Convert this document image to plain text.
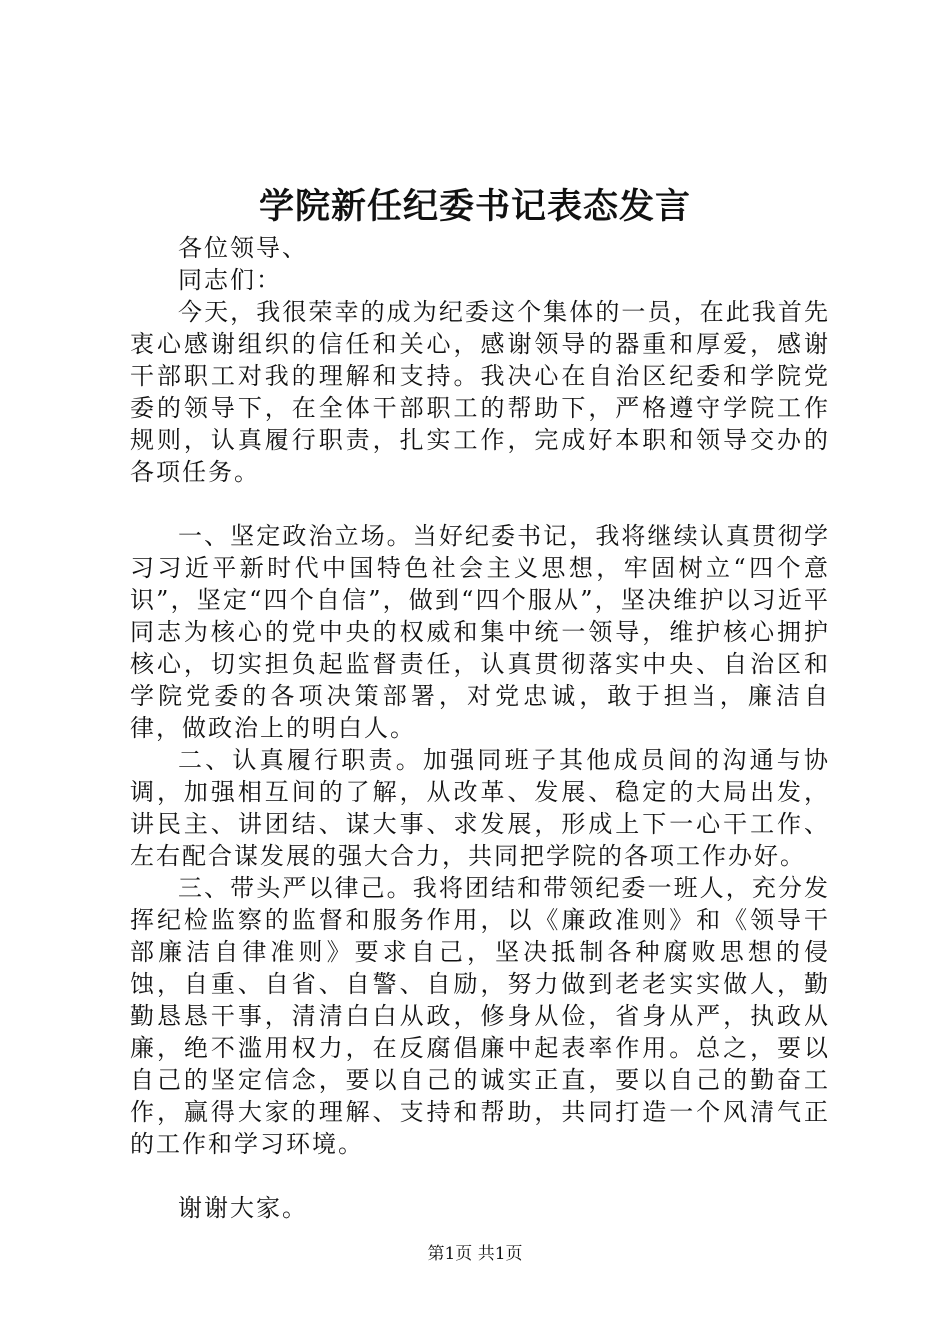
学院新任纪委书记表态发言

各位领导、

同志们：

今天，我很荣幸的成为纪委这个集体的一员，在此我首先衷心感谢组织的信任和关心，感谢领导的器重和厚爱，感谢干部职工对我的理解和支持。我决心在自治区纪委和学院党委的领导下，在全体干部职工的帮助下，严格遵守学院工作规则，认真履行职责，扎实工作，完成好本职和领导交办的各项任务。

一、坚定政治立场。当好纪委书记，我将继续认真贯彻学习习近平新时代中国特色社会主义思想，牢固树立“四个意识”，坚定“四个自信”，做到“四个服从”，坚决维护以习近平同志为核心的党中央的权威和集中统一领导，维护核心拥护核心，切实担负起监督责任，认真贯彻落实中央、自治区和学院党委的各项决策部署，对党忠诚，敢于担当，廉洁自律，做政治上的明白人。

二、认真履行职责。加强同班子其他成员间的沟通与协调，加强相互间的了解，从改革、发展、稳定的大局出发，讲民主、讲团结、谋大事、求发展，形成上下一心干工作、左右配合谋发展的强大合力，共同把学院的各项工作办好。

三、带头严以律己。我将团结和带领纪委一班人，充分发挥纪检监察的监督和服务作用，以《廉政准则》和《领导干部廉洁自律准则》要求自己，坚决抵制各种腐败思想的侵蚀，自重、自省、自警、自励，努力做到老老实实做人，勤勤恳恳干事，清清白白从政，修身从俭，省身从严，执政从廉，绝不滥用权力，在反腐倡廉中起表率作用。总之，要以自己的坚定信念，要以自己的诚实正直，要以自己的勤奋工作，赢得大家的理解、支持和帮助，共同打造一个风清气正的工作和学习环境。

谢谢大家。

第1页 共1页
